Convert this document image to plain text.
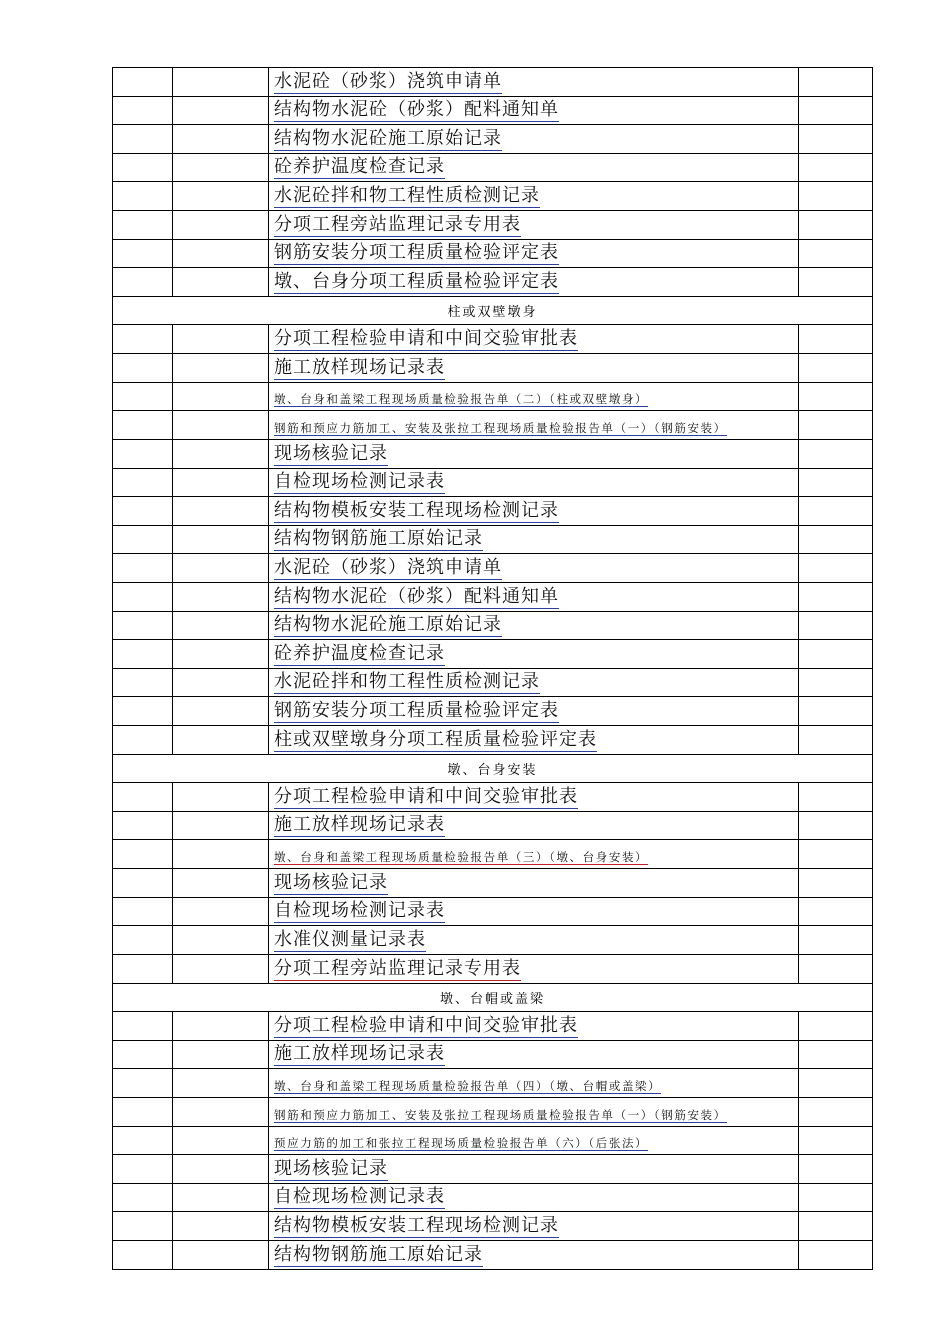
水泥砼（砂浆）浇筑申请单
结构物水泥砼（砂浆）配料通知单
结构物水泥砼施工原始记录
砼养护温度检查记录
水泥砼拌和物工程性质检测记录
分项工程旁站监理记录专用表
钢筋安装分项工程质量检验评定表
墩、台身分项工程质量检验评定表
柱或双壁墩身
分项工程检验申请和中间交验审批表
施工放样现场记录表
墩、台身和盖梁工程现场质量检验报告单（二）（柱或双壁墩身）
钢筋和预应力筋加工、安装及张拉工程现场质量检验报告单（一）（钢筋安装）
现场核验记录
自检现场检测记录表
结构物模板安装工程现场检测记录
结构物钢筋施工原始记录
水泥砼（砂浆）浇筑申请单
结构物水泥砼（砂浆）配料通知单
结构物水泥砼施工原始记录
砼养护温度检查记录
水泥砼拌和物工程性质检测记录
钢筋安装分项工程质量检验评定表
柱或双壁墩身分项工程质量检验评定表
墩、台身安装
分项工程检验申请和中间交验审批表
施工放样现场记录表
墩、台身和盖梁工程现场质量检验报告单（三）（墩、台身安装）
现场核验记录
自检现场检测记录表
水准仪测量记录表
分项工程旁站监理记录专用表
墩、台帽或盖梁
分项工程检验申请和中间交验审批表
施工放样现场记录表
墩、台身和盖梁工程现场质量检验报告单（四）（墩、台帽或盖梁）
钢筋和预应力筋加工、安装及张拉工程现场质量检验报告单（一）（钢筋安装）
预应力筋的加工和张拉工程现场质量检验报告单（六）（后张法）
现场核验记录
自检现场检测记录表
结构物模板安装工程现场检测记录
结构物钢筋施工原始记录
